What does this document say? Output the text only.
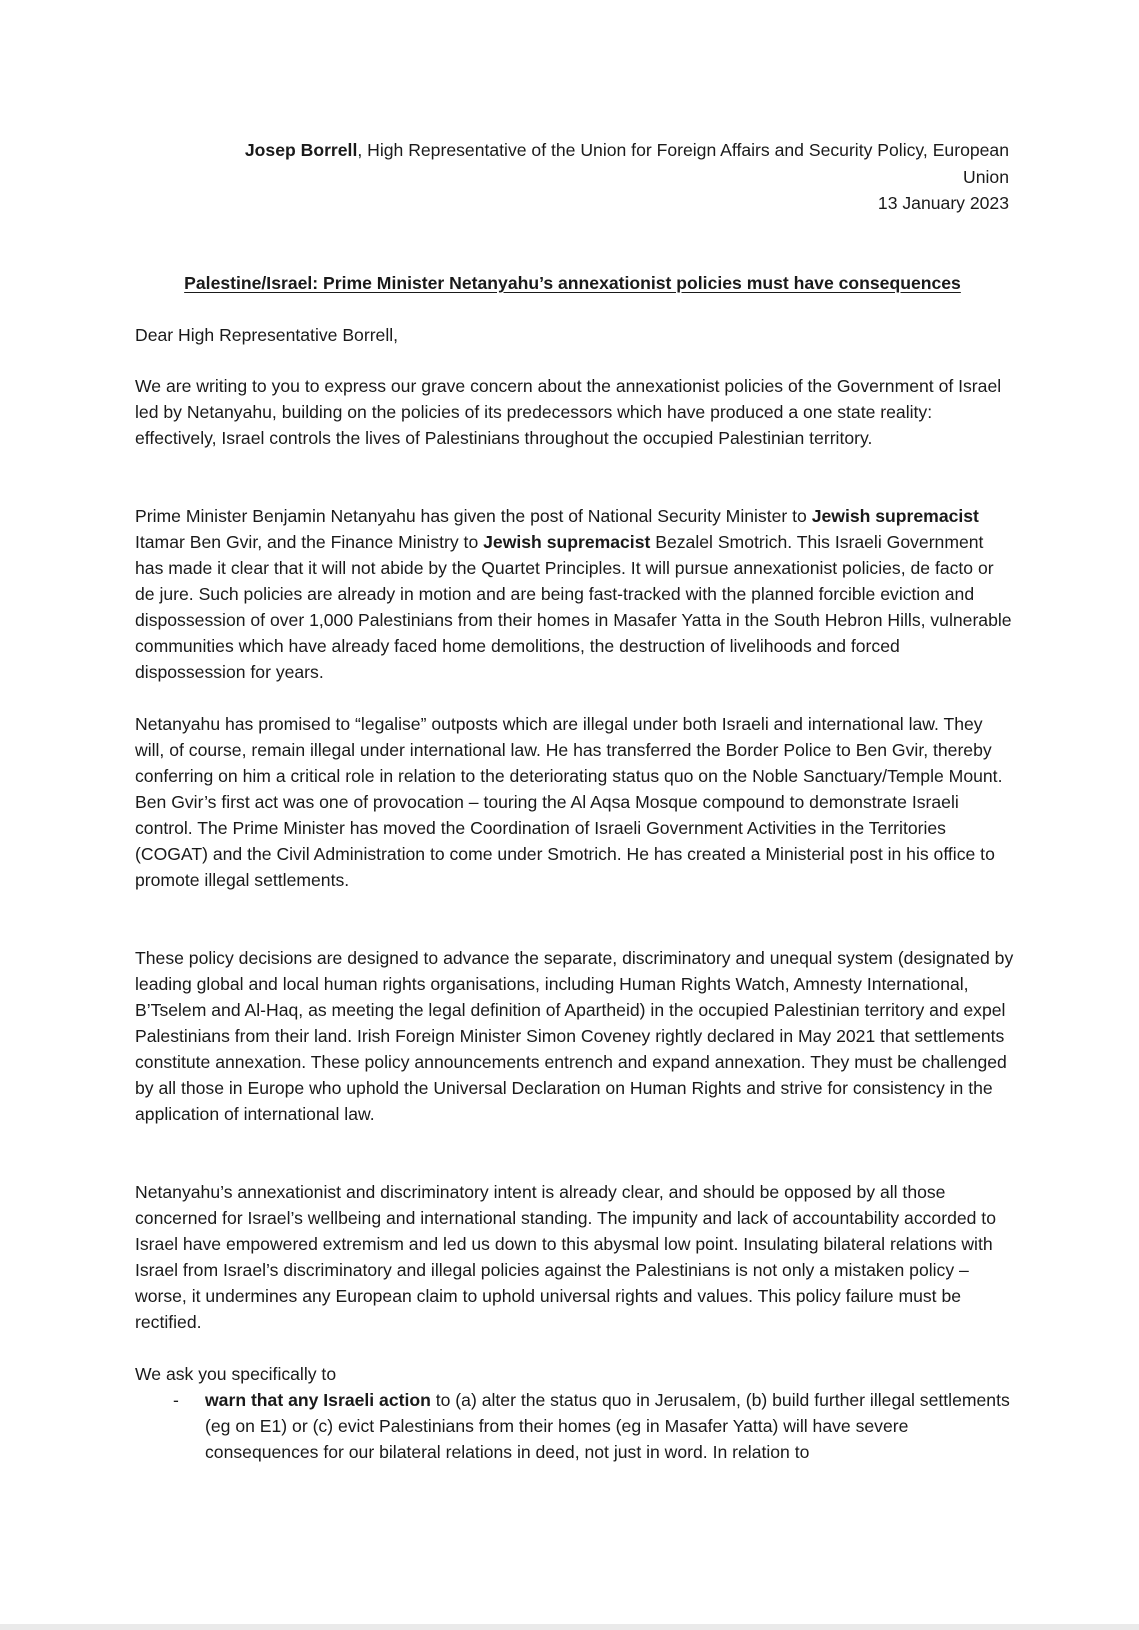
Josep Borrell, High Representative of the Union for Foreign Affairs and Security Policy, European
Union
13 January 2023
Palestine/Israel: Prime Minister Netanyahu’s annexationist policies must have consequences

Dear High Representative Borrell,

We are writing to you to express our grave concern about the annexationist policies of the Government of Israel led by Netanyahu, building on the policies of its predecessors which have produced a one state reality: effectively, Israel controls the lives of Palestinians throughout the occupied Palestinian territory.

Prime Minister Benjamin Netanyahu has given the post of National Security Minister to Jewish supremacist Itamar Ben Gvir, and the Finance Ministry to Jewish supremacist Bezalel Smotrich. This Israeli Government has made it clear that it will not abide by the Quartet Principles. It will pursue annexationist policies, de facto or de jure. Such policies are already in motion and are being fast-tracked with the planned forcible eviction and dispossession of over 1,000 Palestinians from their homes in Masafer Yatta in the South Hebron Hills, vulnerable communities which have already faced home demolitions, the destruction of livelihoods and forced dispossession for years.

Netanyahu has promised to “legalise” outposts which are illegal under both Israeli and international law. They will, of course, remain illegal under international law. He has transferred the Border Police to Ben Gvir, thereby conferring on him a critical role in relation to the deteriorating status quo on the Noble Sanctuary/Temple Mount. Ben Gvir’s first act was one of provocation – touring the Al Aqsa Mosque compound to demonstrate Israeli control. The Prime Minister has moved the Coordination of Israeli Government Activities in the Territories (COGAT) and the Civil Administration to come under Smotrich. He has created a Ministerial post in his office to promote illegal settlements.

These policy decisions are designed to advance the separate, discriminatory and unequal system (designated by leading global and local human rights organisations, including Human Rights Watch, Amnesty International, B’Tselem and Al-Haq, as meeting the legal definition of Apartheid) in the occupied Palestinian territory and expel Palestinians from their land. Irish Foreign Minister Simon Coveney rightly declared in May 2021 that settlements constitute annexation. These policy announcements entrench and expand annexation. They must be challenged by all those in Europe who uphold the Universal Declaration on Human Rights and strive for consistency in the application of international law.

Netanyahu’s annexationist and discriminatory intent is already clear, and should be opposed by all those concerned for Israel’s wellbeing and international standing. The impunity and lack of accountability accorded to Israel have empowered extremism and led us down to this abysmal low point. Insulating bilateral relations with Israel from Israel’s discriminatory and illegal policies against the Palestinians is not only a mistaken policy – worse, it undermines any European claim to uphold universal rights and values. This policy failure must be rectified.

We ask you specifically to

- warn that any Israeli action to (a) alter the status quo in Jerusalem, (b) build further illegal settlements (eg on E1) or (c) evict Palestinians from their homes (eg in Masafer Yatta) will have severe consequences for our bilateral relations in deed, not just in word. In relation to
